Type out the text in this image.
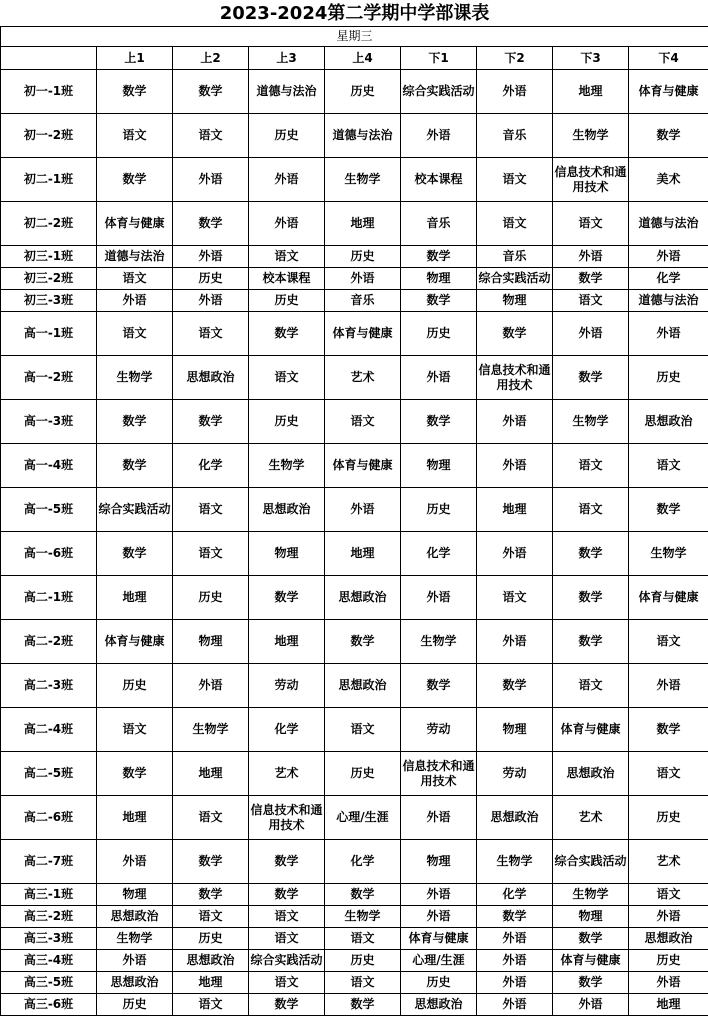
2023-2024第二学期中学部课表								
星期三								
	上1	上2	上3	上4	下1	下2	下3	下4
初一-1班	数学	数学	道德与法治	历史	综合实践活动	外语	地理	体育与健康
初一-2班	语文	语文	历史	道德与法治	外语	音乐	生物学	数学
初二-1班	数学	外语	外语	生物学	校本课程	语文	信息技术和通用技术	美术
初二-2班	体育与健康	数学	外语	地理	音乐	语文	语文	道德与法治
初三-1班	道德与法治	外语	语文	历史	数学	音乐	外语	外语
初三-2班	语文	历史	校本课程	外语	物理	综合实践活动	数学	化学
初三-3班	外语	外语	历史	音乐	数学	物理	语文	道德与法治
高一-1班	语文	语文	数学	体育与健康	历史	数学	外语	外语
高一-2班	生物学	思想政治	语文	艺术	外语	信息技术和通用技术	数学	历史
高一-3班	数学	数学	历史	语文	数学	外语	生物学	思想政治
高一-4班	数学	化学	生物学	体育与健康	物理	外语	语文	语文
高一-5班	综合实践活动	语文	思想政治	外语	历史	地理	语文	数学
高一-6班	数学	语文	物理	地理	化学	外语	数学	生物学
高二-1班	地理	历史	数学	思想政治	外语	语文	数学	体育与健康
高二-2班	体育与健康	物理	地理	数学	生物学	外语	数学	语文
高二-3班	历史	外语	劳动	思想政治	数学	数学	语文	外语
高二-4班	语文	生物学	化学	语文	劳动	物理	体育与健康	数学
高二-5班	数学	地理	艺术	历史	信息技术和通用技术	劳动	思想政治	语文
高二-6班	地理	语文	信息技术和通用技术	心理/生涯	外语	思想政治	艺术	历史
高二-7班	外语	数学	数学	化学	物理	生物学	综合实践活动	艺术
高三-1班	物理	数学	数学	数学	外语	化学	生物学	语文
高三-2班	思想政治	语文	语文	生物学	外语	数学	物理	外语
高三-3班	生物学	历史	语文	语文	体育与健康	外语	数学	思想政治
高三-4班	外语	思想政治	综合实践活动	历史	心理/生涯	外语	体育与健康	历史
高三-5班	思想政治	地理	语文	语文	历史	外语	数学	外语
高三-6班	历史	语文	数学	数学	思想政治	外语	外语	地理
